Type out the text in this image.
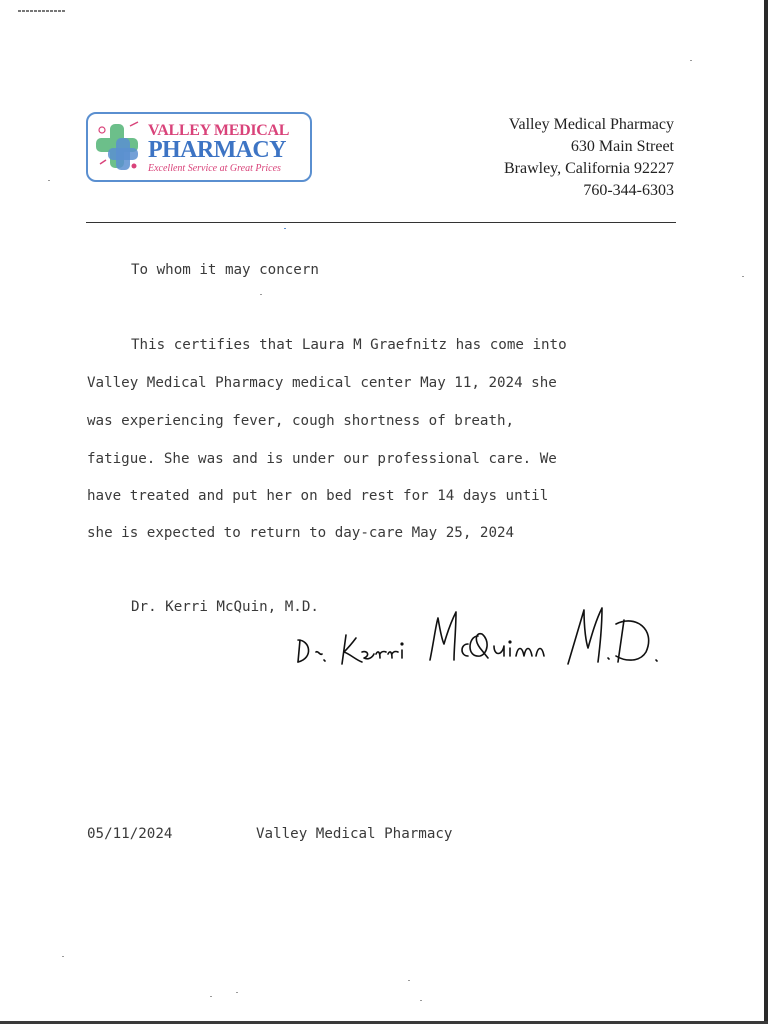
VALLEY MEDICAL
PHARMACY
Excellent Service at Great Prices
Valley Medical Pharmacy
630 Main Street
Brawley, California 92227
760-344-6303
To whom it may concern
This certifies that Laura M Graefnitz has come into
Valley Medical Pharmacy medical center May 11, 2024 she
was experiencing fever, cough shortness of breath,
fatigue. She was and is under our professional care. We
have treated and put her on bed rest for 14 days until
she is expected to return to day-care May 25, 2024
Dr. Kerri McQuin, M.D.
05/11/2024	Valley Medical Pharmacy
